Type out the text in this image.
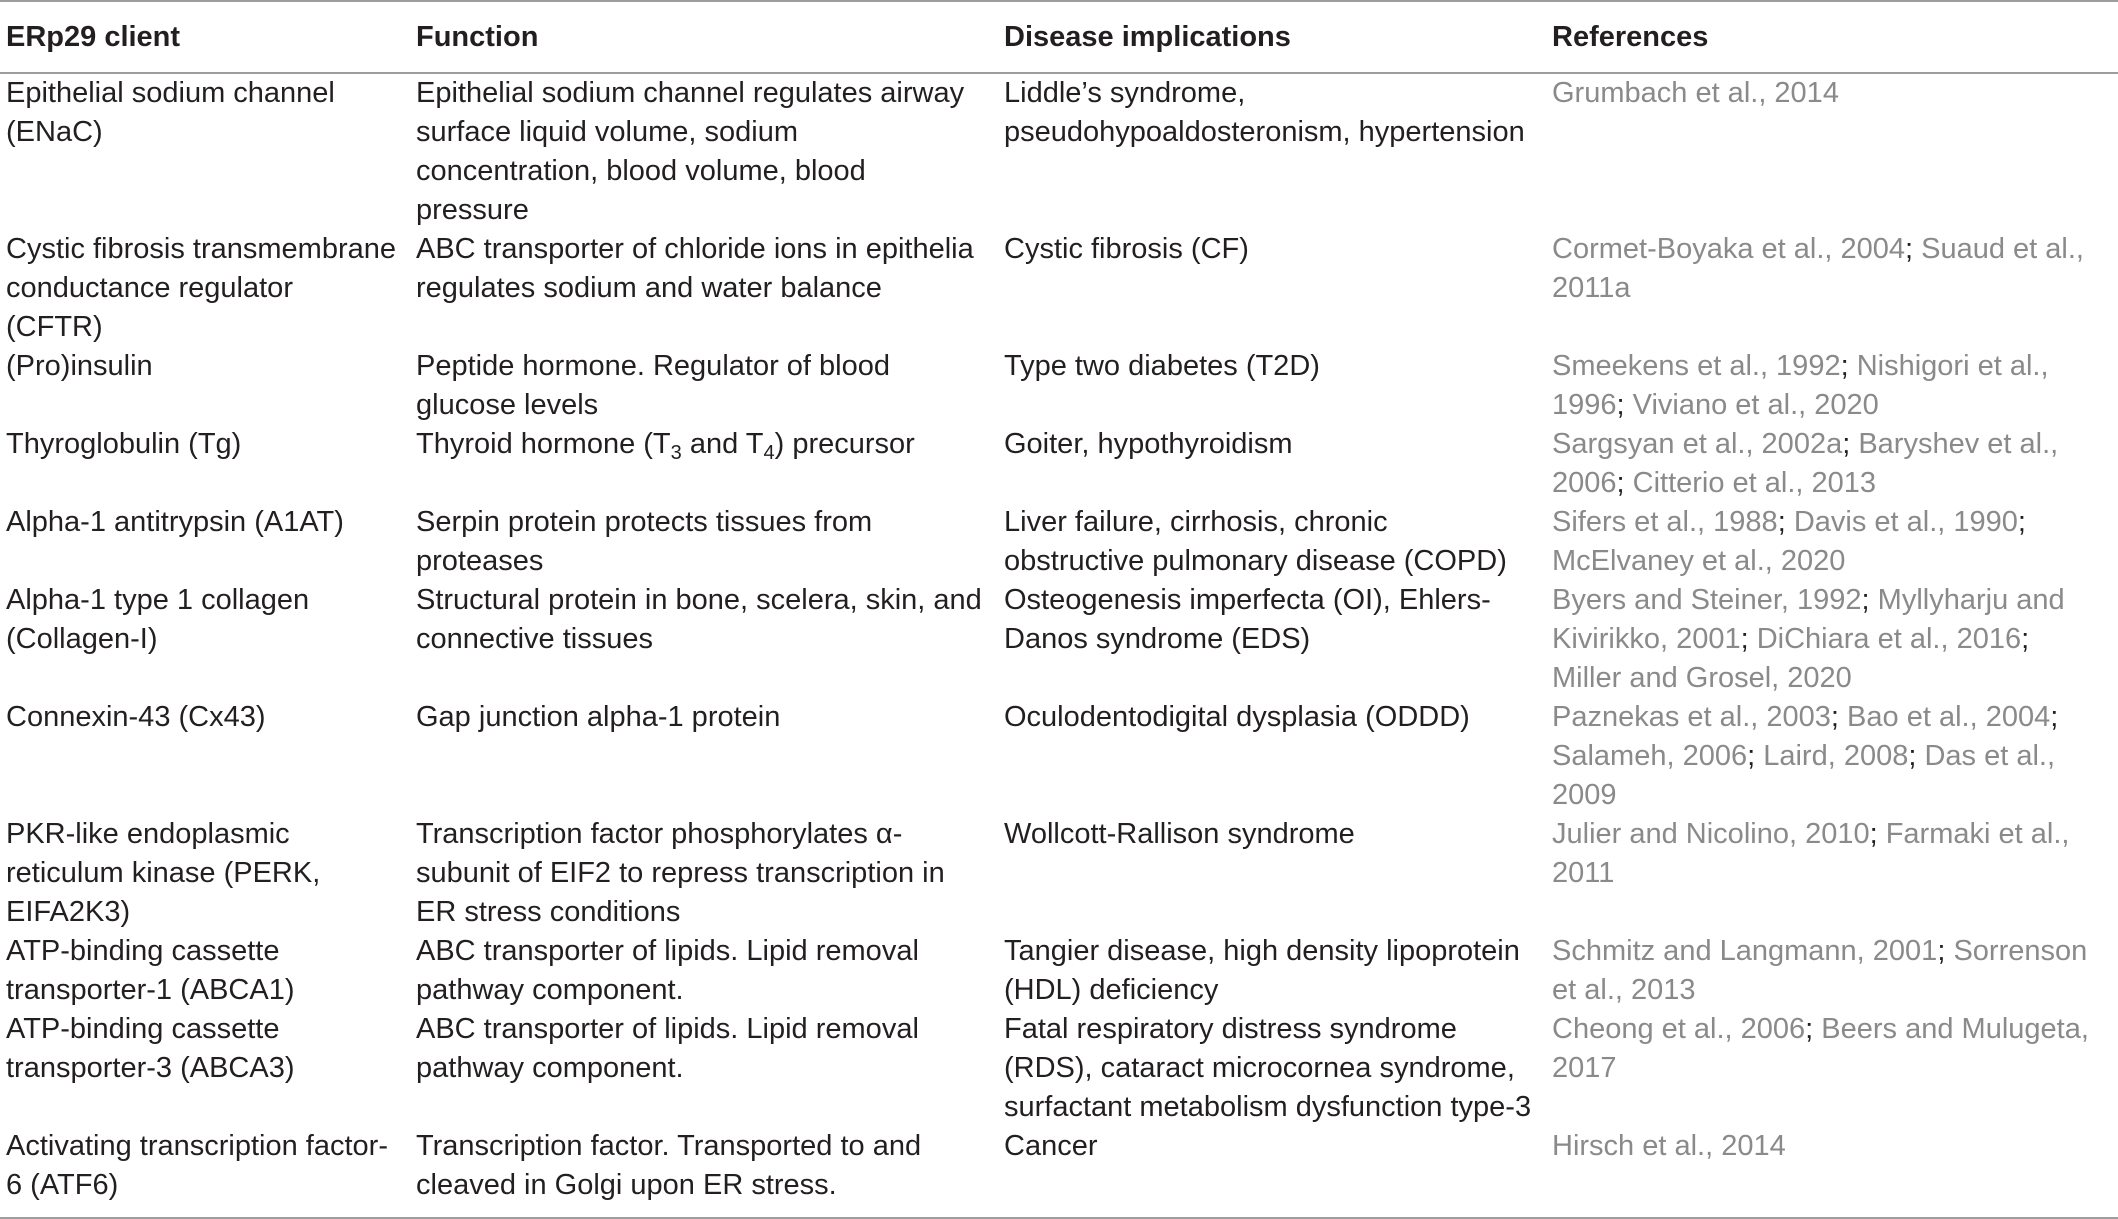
ERp29 client	Function	Disease implications	References
Epithelial sodium channel (ENaC)	Epithelial sodium channel regulates airway surface liquid volume, sodium concentration, blood volume, blood pressure	Liddle’s syndrome, pseudohypoaldosteronism, hypertension	Grumbach et al., 2014
Cystic fibrosis transmembrane conductance regulator (CFTR)	ABC transporter of chloride ions in epithelia regulates sodium and water balance	Cystic fibrosis (CF)	Cormet-Boyaka et al., 2004; Suaud et al., 2011a
(Pro)insulin	Peptide hormone. Regulator of blood glucose levels	Type two diabetes (T2D)	Smeekens et al., 1992; Nishigori et al., 1996; Viviano et al., 2020
Thyroglobulin (Tg)	Thyroid hormone ($T_3$ and $T_4$) precursor	Goiter, hypothyroidism	Sargsyan et al., 2002a; Baryshev et al., 2006; Citterio et al., 2013
Alpha-1 antitrypsin (A1AT)	Serpin protein protects tissues from proteases	Liver failure, cirrhosis, chronic obstructive pulmonary disease (COPD)	Sifers et al., 1988; Davis et al., 1990; McElvaney et al., 2020
Alpha-1 type 1 collagen (Collagen-I)	Structural protein in bone, scelera, skin, and connective tissues	Osteogenesis imperfecta (OI), Ehlers-Danos syndrome (EDS)	Byers and Steiner, 1992; Myllyharju and Kivirikko, 2001; DiChiara et al., 2016; Miller and Grosel, 2020
Connexin-43 (Cx43)	Gap junction alpha-1 protein	Oculodentodigital dysplasia (ODDD)	Paznekas et al., 2003; Bao et al., 2004; Salameh, 2006; Laird, 2008; Das et al., 2009
PKR-like endoplasmic reticulum kinase (PERK, EIFA2K3)	Transcription factor phosphorylates α-subunit of EIF2 to repress transcription in ER stress conditions	Wollcott-Rallison syndrome	Julier and Nicolino, 2010; Farmaki et al., 2011
ATP-binding cassette transporter-1 (ABCA1)	ABC transporter of lipids. Lipid removal pathway component.	Tangier disease, high density lipoprotein (HDL) deficiency	Schmitz and Langmann, 2001; Sorrenson et al., 2013
ATP-binding cassette transporter-3 (ABCA3)	ABC transporter of lipids. Lipid removal pathway component.	Fatal respiratory distress syndrome (RDS), cataract microcornea syndrome, surfactant metabolism dysfunction type-3	Cheong et al., 2006; Beers and Mulugeta, 2017
Activating transcription factor-6 (ATF6)	Transcription factor. Transported to and cleaved in Golgi upon ER stress.	Cancer	Hirsch et al., 2014
